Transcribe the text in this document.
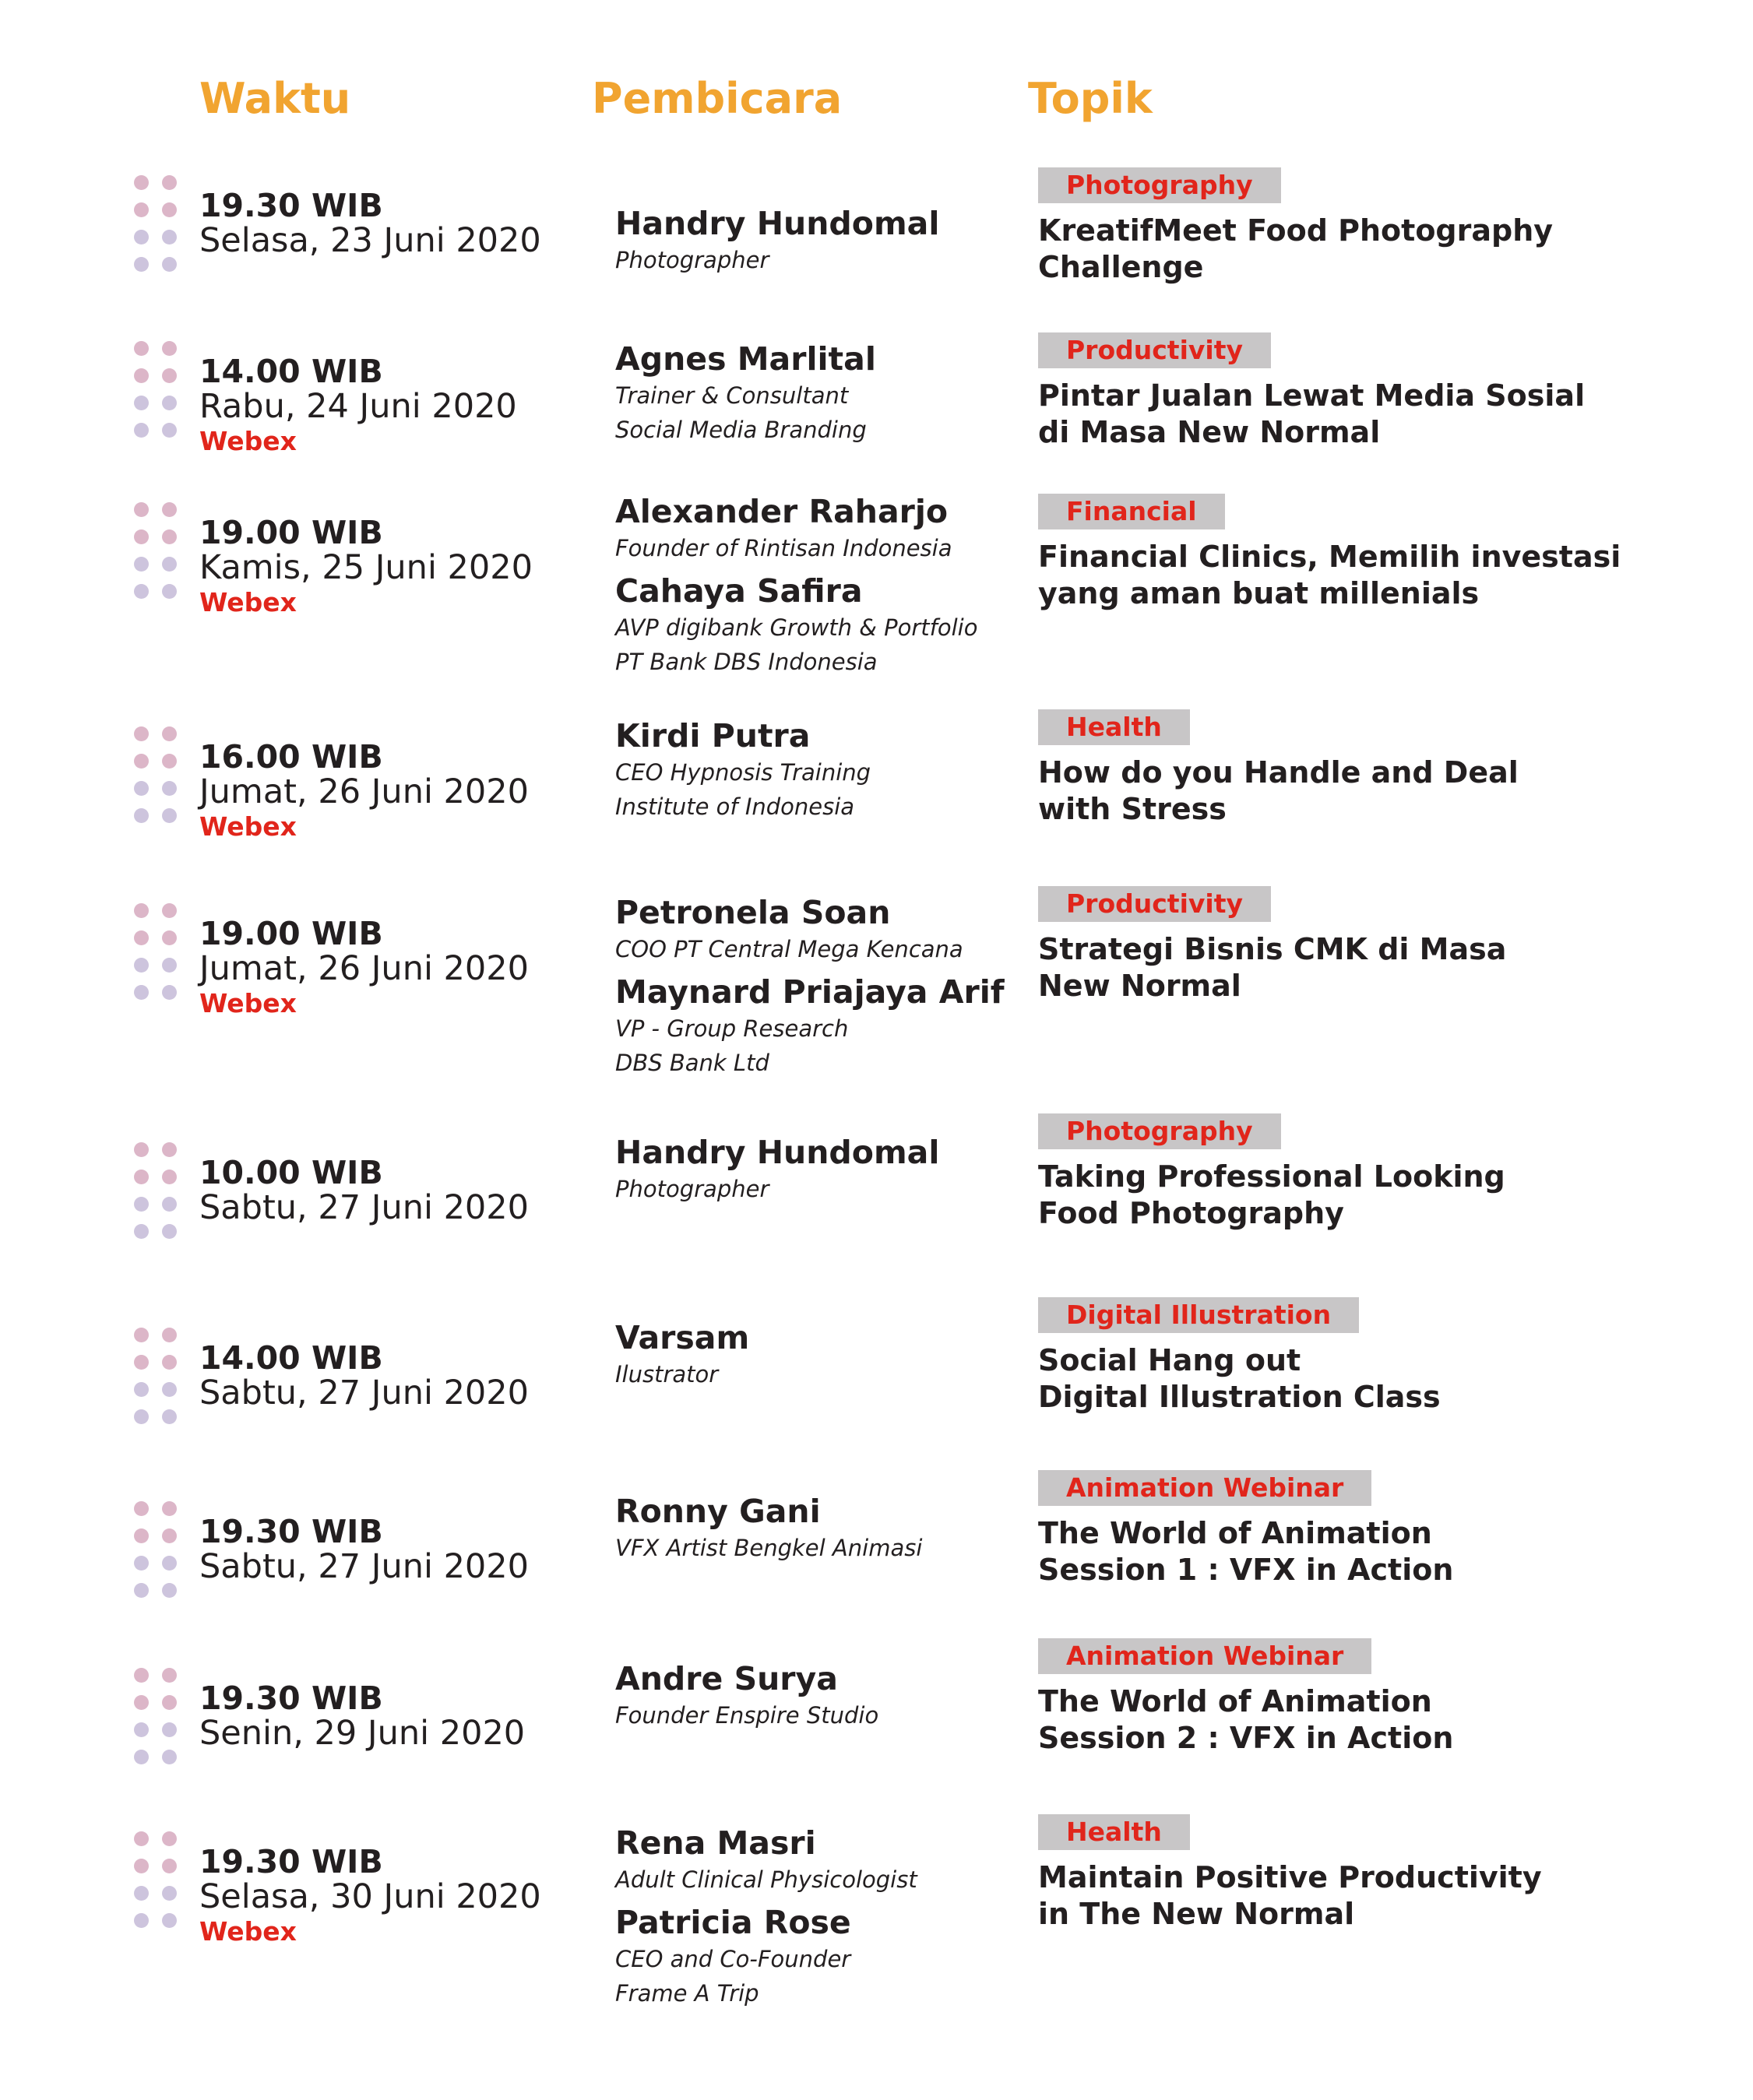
Waktu	Pembicara	Topik
19.30 WIB
Selasa, 23 Juni 2020 Handry Hundomal
Photographer
Photography
KreatifMeet Food Photography
Challenge
14.00 WIB
Rabu, 24 Juni 2020
Webex
Agnes Marlital
Trainer & Consultant
Social Media Branding
Productivity
Pintar Jualan Lewat Media Sosial
di Masa New Normal
19.00 WIB
Kamis, 25 Juni 2020
Webex
Alexander Raharjo
Founder of Rintisan Indonesia
Cahaya Safira
AVP digibank Growth & Portfolio
PT Bank DBS Indonesia
Financial
Financial Clinics, Memilih investasi
yang aman buat millenials
16.00 WIB
Jumat, 26 Juni 2020
Webex
Kirdi Putra
CEO Hypnosis Training
Institute of Indonesia
Health
How do you Handle and Deal
with Stress
19.00 WIB
Jumat, 26 Juni 2020
Webex
Petronela Soan
COO PT Central Mega Kencana
Maynard Priajaya Arif
VP - Group Research
DBS Bank Ltd
Productivity
Strategi Bisnis CMK di Masa
New Normal
10.00 WIB
Sabtu, 27 Juni 2020
Handry Hundomal
Photographer
Photography
Taking Professional Looking
Food Photography
14.00 WIB
Sabtu, 27 Juni 2020
Varsam
Ilustrator
Digital Illustration
Social Hang out
Digital Illustration Class
19.30 WIB
Sabtu, 27 Juni 2020
Ronny Gani
VFX Artist Bengkel Animasi
Animation Webinar
The World of Animation
Session 1 : VFX in Action
19.30 WIB
Senin, 29 Juni 2020
Andre Surya
Founder Enspire Studio
Animation Webinar
The World of Animation
Session 2 : VFX in Action
19.30 WIB
Selasa, 30 Juni 2020
Webex
Rena Masri
Adult Clinical Physicologist
Patricia Rose
CEO and Co-Founder
Frame A Trip
Health
Maintain Positive Productivity
in The New Normal
